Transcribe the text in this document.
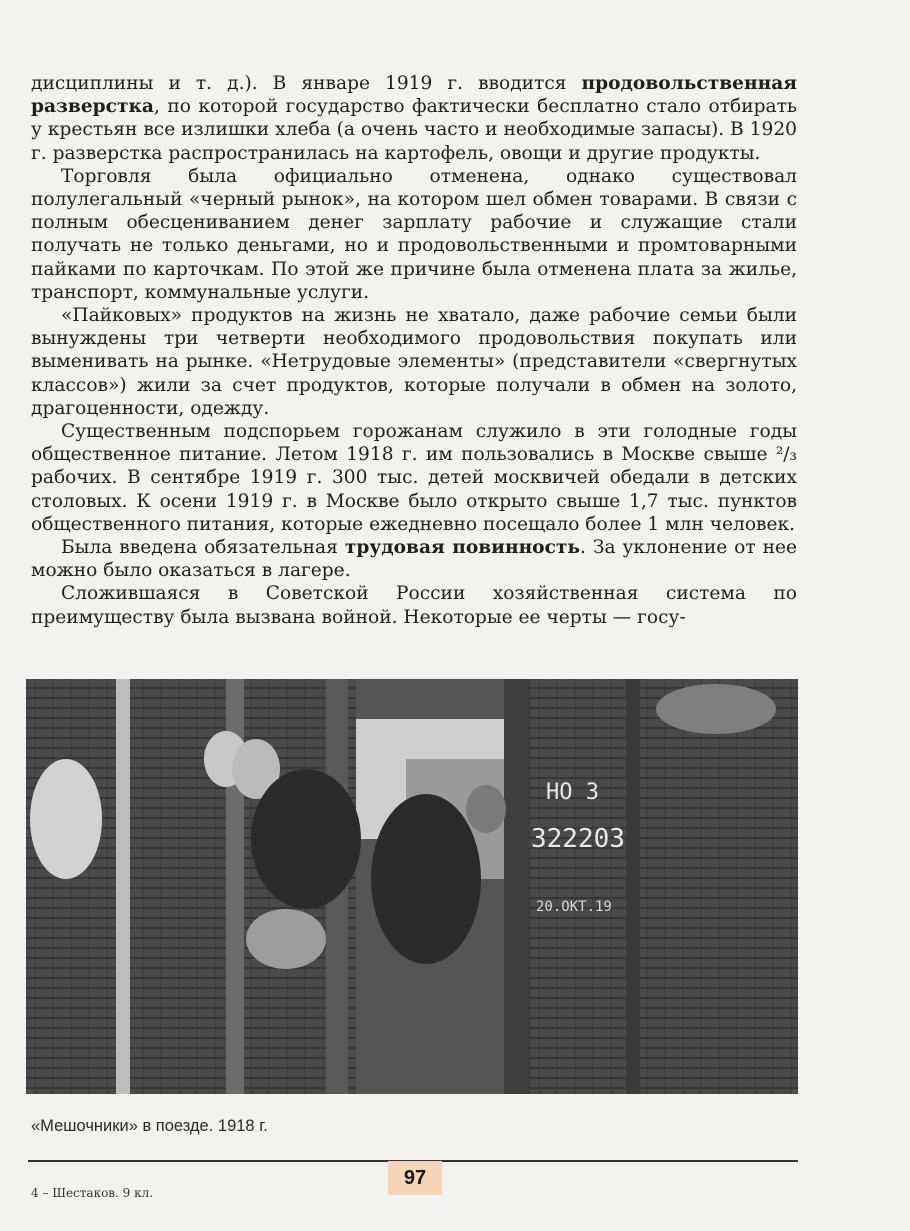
дисциплины и т. д.). В январе 1919 г. вводится продовольственная разверстка, по которой государство фактически бесплатно стало отбирать у крестьян все излишки хлеба (а очень часто и необходимые запасы). В 1920 г. разверстка распространилась на картофель, овощи и другие продукты.

Торговля была официально отменена, однако существовал полулегальный «черный рынок», на котором шел обмен товарами. В связи с полным обесцениванием денег зарплату рабочие и служащие стали получать не только деньгами, но и продовольственными и промтоварными пайками по карточкам. По этой же причине была отменена плата за жилье, транспорт, коммунальные услуги.

«Пайковых» продуктов на жизнь не хватало, даже рабочие семьи были вынуждены три четверти необходимого продовольствия покупать или выменивать на рынке. «Нетрудовые элементы» (представители «свергнутых классов») жили за счет продуктов, которые получали в обмен на золото, драгоценности, одежду.

Существенным подспорьем горожанам служило в эти голодные годы общественное питание. Летом 1918 г. им пользовались в Москве свыше ²/₃ рабочих. В сентябре 1919 г. 300 тыс. детей москвичей обедали в детских столовых. К осени 1919 г. в Москве было открыто свыше 1,7 тыс. пунктов общественного питания, которые ежедневно посещало более 1 млн человек.

Была введена обязательная трудовая повинность. За уклонение от нее можно было оказаться в лагере.

Сложившаяся в Советской России хозяйственная система по преимуществу была вызвана войной. Некоторые ее черты — госу-

НО 3
322203
20.ОКТ.19
«Мешочники» в поезде. 1918 г.
97
4 – Шестаков. 9 кл.
